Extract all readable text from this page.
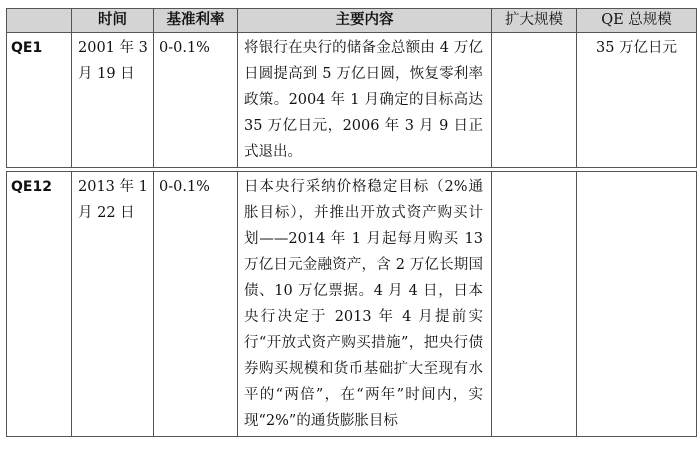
	时间	基准利率	主要内容	扩大规模	QE 总规模
QE1	2001 年 3 月 19 日	0-0.1%	将银行在央行的储备金总额由 4 万亿日圆提高到 5 万亿日圆，恢复零利率政策。2004 年 1 月确定的目标高达 35 万亿日元，2006 年 3 月 9 日正式退出。		35 万亿日元

QE12	2013 年 1 月 22 日	0-0.1%	日本央行采纳价格稳定目标（2%通胀目标），并推出开放式资产购买计划——2014 年 1 月起每月购买 13 万亿日元金融资产，含 2 万亿长期国债、10 万亿票据。4 月 4 日，日本央行决定于 2013 年 4 月提前实行“开放式资产购买措施”，把央行债券购买规模和货币基础扩大至现有水平的“两倍”，在“两年”时间内，实现“2%”的通货膨胀目标		
